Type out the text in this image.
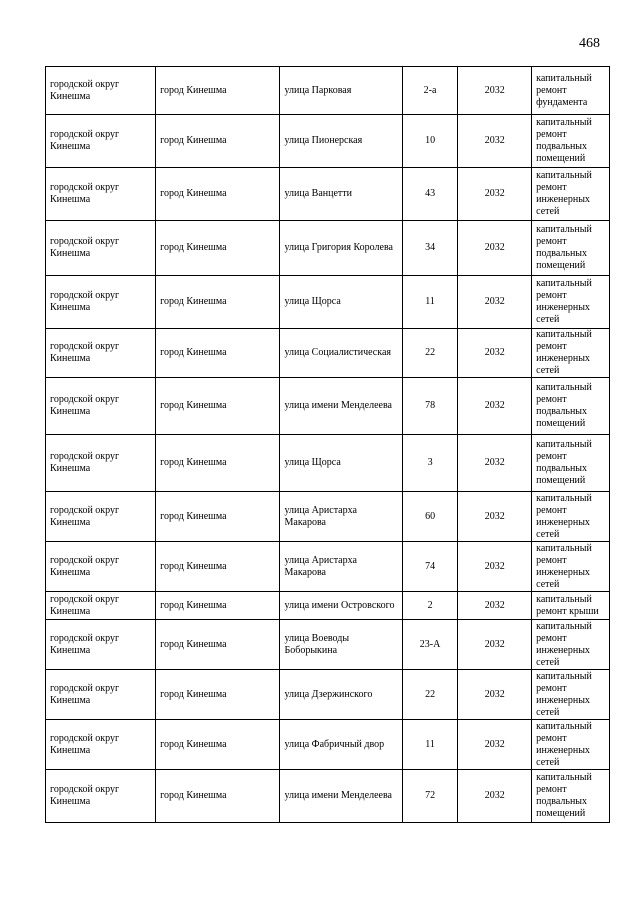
468
городской округ Кинешма	город Кинешма	улица Парковая	2-а	2032	капитальный ремонт фундамента
городской округ Кинешма	город Кинешма	улица Пионерская	10	2032	капитальный ремонт подвальных помещений
городской округ Кинешма	город Кинешма	улица Ванцетти	43	2032	капитальный ремонт инженерных сетей
городской округ Кинешма	город Кинешма	улица Григория Королева	34	2032	капитальный ремонт подвальных помещений
городской округ Кинешма	город Кинешма	улица Щорса	11	2032	капитальный ремонт инженерных сетей
городской округ Кинешма	город Кинешма	улица Социалистическая	22	2032	капитальный ремонт инженерных сетей
городской округ Кинешма	город Кинешма	улица имени Менделеева	78	2032	капитальный ремонт подвальных помещений
городской округ Кинешма	город Кинешма	улица Щорса	3	2032	капитальный ремонт подвальных помещений
городской округ Кинешма	город Кинешма	улица Аристарха Макарова	60	2032	капитальный ремонт инженерных сетей
городской округ Кинешма	город Кинешма	улица Аристарха Макарова	74	2032	капитальный ремонт инженерных сетей
городской округ Кинешма	город Кинешма	улица имени Островского	2	2032	капитальный ремонт крыши
городской округ Кинешма	город Кинешма	улица Воеводы Боборыкина	23-А	2032	капитальный ремонт инженерных сетей
городской округ Кинешма	город Кинешма	улица Дзержинского	22	2032	капитальный ремонт инженерных сетей
городской округ Кинешма	город Кинешма	улица Фабричный двор	11	2032	капитальный ремонт инженерных сетей
городской округ Кинешма	город Кинешма	улица имени Менделеева	72	2032	капитальный ремонт подвальных помещений
